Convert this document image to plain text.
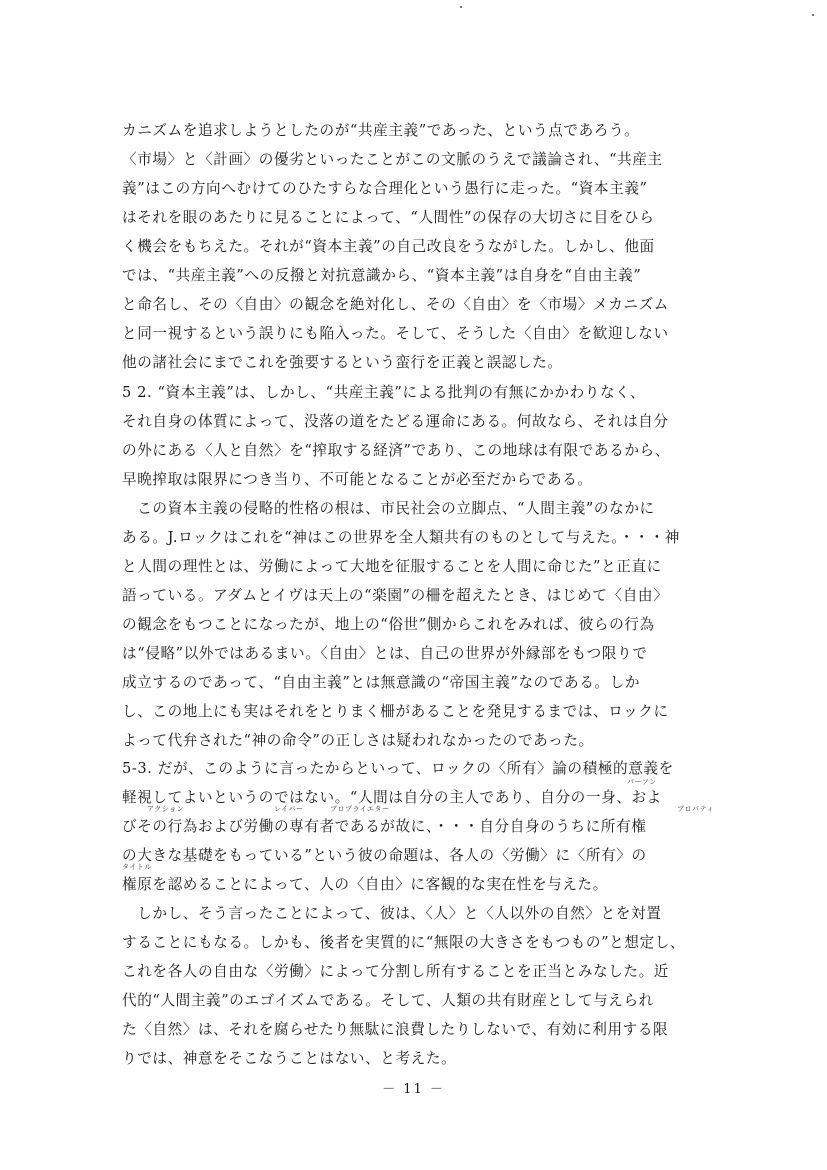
カニズムを追求しようとしたのが“共産主義”であった、という点であろう。
〈市場〉と〈計画〉の優劣といったことがこの文脈のうえで議論され、“共産主
義”はこの方向へむけてのひたすらな合理化という愚行に走った。“資本主義”
はそれを眼のあたりに見ることによって、“人間性”の保存の大切さに目をひら
く機会をもちえた。それが“資本主義”の自己改良をうながした。しかし、他面
では、“共産主義”への反撥と対抗意識から、“資本主義”は自身を“自由主義”
と命名し、その〈自由〉の観念を絶対化し、その〈自由〉を〈市場〉メカニズム
と同一視するという誤りにも陥入った。そして、そうした〈自由〉を歓迎しない
他の諸社会にまでこれを強要するという蛮行を正義と誤認した。
5 2. “資本主義”は、しかし、“共産主義”による批判の有無にかかわりなく、
それ自身の体質によって、没落の道をたどる運命にある。何故なら、それは自分
の外にある〈人と自然〉を“搾取する経済”であり、この地球は有限であるから、
早晩搾取は限界につき当り、不可能となることが必至だからである。
　この資本主義の侵略的性格の根は、市民社会の立脚点、“人間主義”のなかに
ある。J.ロックはこれを“神はこの世界を全人類共有のものとして与えた。・・・神
と人間の理性とは、労働によって大地を征服することを人間に命じた”と正直に
語っている。アダムとイヴは天上の“楽園”の柵を超えたとき、はじめて〈自由〉
の観念をもつことになったが、地上の“俗世”側からこれをみれば、彼らの行為
は“侵略”以外ではあるまい。〈自由〉とは、自己の世界が外縁部をもつ限りで
成立するのであって、“自由主義”とは無意識の“帝国主義”なのである。しか
し、この地上にも実はそれをとりまく柵があることを発見するまでは、ロックに
よって代弁された“神の命令”の正しさは疑われなかったのであった。
5-3. だが、このように言ったからといって、ロックの〈所有〉論の積極的意義を
パーソン
軽視してよいというのではない。“人間は自分の主人であり、自分の一身、およ
アクション	レイバー	プロプライエター	プロパティ
びその行為および労働の専有者であるが故に、・・・自分自身のうちに所有権
の大きな基礎をもっている”という彼の命題は、各人の〈労働〉に〈所有〉の
タイトル
権原を認めることによって、人の〈自由〉に客観的な実在性を与えた。
　しかし、そう言ったことによって、彼は、〈人〉と〈人以外の自然〉とを対置
することにもなる。しかも、後者を実質的に“無限の大きさをもつもの”と想定し、
これを各人の自由な〈労働〉によって分割し所有することを正当とみなした。近
代的“人間主義”のエゴイズムである。そして、人類の共有財産として与えられ
た〈自然〉は、それを腐らせたり無駄に浪費したりしないで、有効に利用する限
りでは、神意をそこなうことはない、と考えた。
－ 11 －
